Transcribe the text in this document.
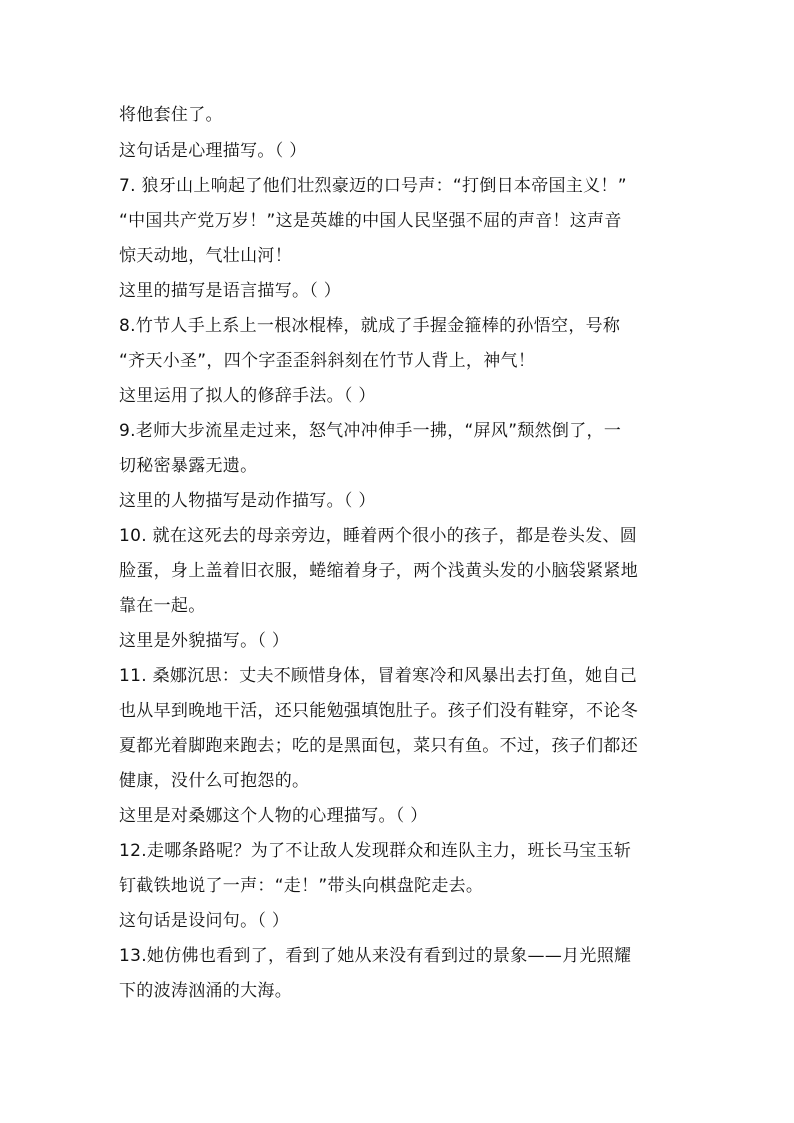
将他套住了。
这句话是心理描写。（ ）
7. 狼牙山上响起了他们壮烈豪迈的口号声：“打倒日本帝国主义！”
“中国共产党万岁！”这是英雄的中国人民坚强不屈的声音！这声音
惊天动地，气壮山河！
这里的描写是语言描写。（ ）
8.竹节人手上系上一根冰棍棒，就成了手握金箍棒的孙悟空，号称
“齐天小圣”，四个字歪歪斜斜刻在竹节人背上，神气！
这里运用了拟人的修辞手法。（ ）
9.老师大步流星走过来，怒气冲冲伸手一拂，“屏风”颓然倒了，一
切秘密暴露无遗。
这里的人物描写是动作描写。（ ）
10. 就在这死去的母亲旁边，睡着两个很小的孩子，都是卷头发、圆
脸蛋，身上盖着旧衣服，蜷缩着身子，两个浅黄头发的小脑袋紧紧地
靠在一起。
这里是外貌描写。（ ）
11. 桑娜沉思：丈夫不顾惜身体，冒着寒冷和风暴出去打鱼，她自己
也从早到晚地干活，还只能勉强填饱肚子。孩子们没有鞋穿，不论冬
夏都光着脚跑来跑去；吃的是黑面包，菜只有鱼。不过，孩子们都还
健康，没什么可抱怨的。
这里是对桑娜这个人物的心理描写。（ ）
12.走哪条路呢？为了不让敌人发现群众和连队主力，班长马宝玉斩
钉截铁地说了一声：“走！”带头向棋盘陀走去。
这句话是设问句。（ ）
13.她仿佛也看到了，看到了她从来没有看到过的景象——月光照耀
下的波涛汹涌的大海。
